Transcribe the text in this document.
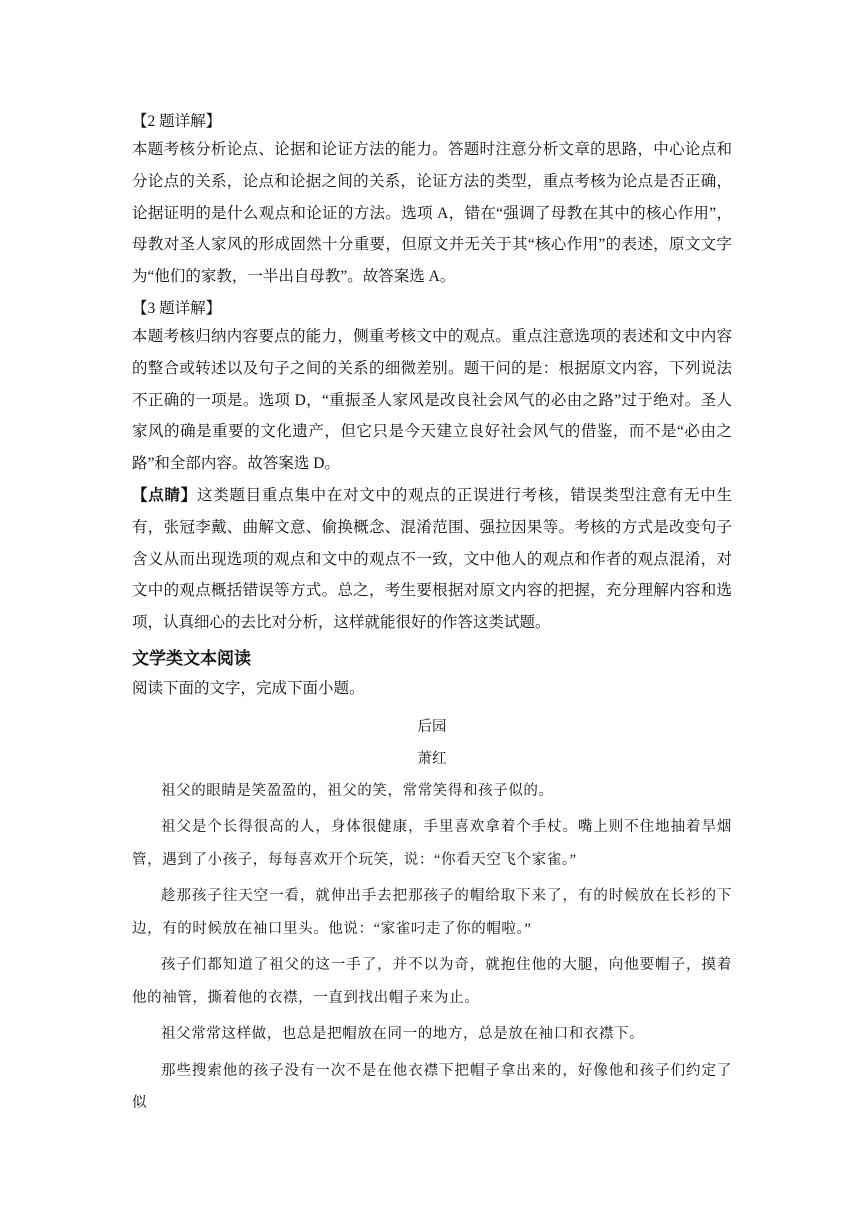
【2 题详解】

本题考核分析论点、论据和论证方法的能力。答题时注意分析文章的思路，中心论点和分论点的关系，论点和论据之间的关系，论证方法的类型，重点考核为论点是否正确，论据证明的是什么观点和论证的方法。选项 A，错在“强调了母教在其中的核心作用”，母教对圣人家风的形成固然十分重要，但原文并无关于其“核心作用”的表述，原文文字为“他们的家教，一半出自母教”。故答案选 A。

【3 题详解】

本题考核归纳内容要点的能力，侧重考核文中的观点。重点注意选项的表述和文中内容的整合或转述以及句子之间的关系的细微差别。题干问的是：根据原文内容，下列说法不正确的一项是。选项 D，“重振圣人家风是改良社会风气的必由之路”过于绝对。圣人家风的确是重要的文化遗产，但它只是今天建立良好社会风气的借鉴，而不是“必由之路”和全部内容。故答案选 D。

【点睛】这类题目重点集中在对文中的观点的正误进行考核，错误类型注意有无中生有，张冠李戴、曲解文意、偷换概念、混淆范围、强拉因果等。考核的方式是改变句子含义从而出现选项的观点和文中的观点不一致，文中他人的观点和作者的观点混淆，对文中的观点概括错误等方式。总之，考生要根据对原文内容的把握，充分理解内容和选项，认真细心的去比对分析，这样就能很好的作答这类试题。

文学类文本阅读

阅读下面的文字，完成下面小题。

后园

萧红

祖父的眼睛是笑盈盈的，祖父的笑，常常笑得和孩子似的。

祖父是个长得很高的人，身体很健康，手里喜欢拿着个手杖。嘴上则不住地抽着旱烟管，遇到了小孩子，每每喜欢开个玩笑，说：“你看天空飞个家雀。”

趁那孩子往天空一看，就伸出手去把那孩子的帽给取下来了，有的时候放在长衫的下边，有的时候放在袖口里头。他说：“家雀叼走了你的帽啦。”

孩子们都知道了祖父的这一手了，并不以为奇，就抱住他的大腿，向他要帽子，摸着他的袖管，撕着他的衣襟，一直到找出帽子来为止。

祖父常常这样做，也总是把帽放在同一的地方，总是放在袖口和衣襟下。

那些搜索他的孩子没有一次不是在他衣襟下把帽子拿出来的，好像他和孩子们约定了似
